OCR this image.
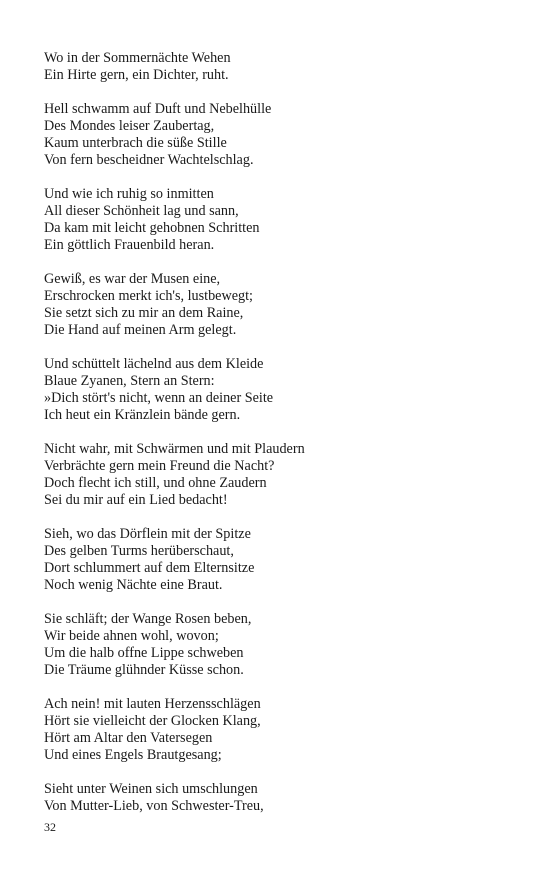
Wo in der Sommernächte Wehen
Ein Hirte gern, ein Dichter, ruht.
Hell schwamm auf Duft und Nebelhülle
Des Mondes leiser Zaubertag,
Kaum unterbrach die süße Stille
Von fern bescheidner Wachtelschlag.
Und wie ich ruhig so inmitten
All dieser Schönheit lag und sann,
Da kam mit leicht gehobnen Schritten
Ein göttlich Frauenbild heran.
Gewiß, es war der Musen eine,
Erschrocken merkt ich's, lustbewegt;
Sie setzt sich zu mir an dem Raine,
Die Hand auf meinen Arm gelegt.
Und schüttelt lächelnd aus dem Kleide
Blaue Zyanen, Stern an Stern:
»Dich stört's nicht, wenn an deiner Seite
Ich heut ein Kränzlein bände gern.
Nicht wahr, mit Schwärmen und mit Plaudern
Verbrächte gern mein Freund die Nacht?
Doch flecht ich still, und ohne Zaudern
Sei du mir auf ein Lied bedacht!
Sieh, wo das Dörflein mit der Spitze
Des gelben Turms herüberschaut,
Dort schlummert auf dem Elternsitze
Noch wenig Nächte eine Braut.
Sie schläft; der Wange Rosen beben,
Wir beide ahnen wohl, wovon;
Um die halb offne Lippe schweben
Die Träume glühnder Küsse schon.
Ach nein! mit lauten Herzensschlägen
Hört sie vielleicht der Glocken Klang,
Hört am Altar den Vatersegen
Und eines Engels Brautgesang;
Sieht unter Weinen sich umschlungen
Von Mutter-Lieb, von Schwester-Treu,
32
